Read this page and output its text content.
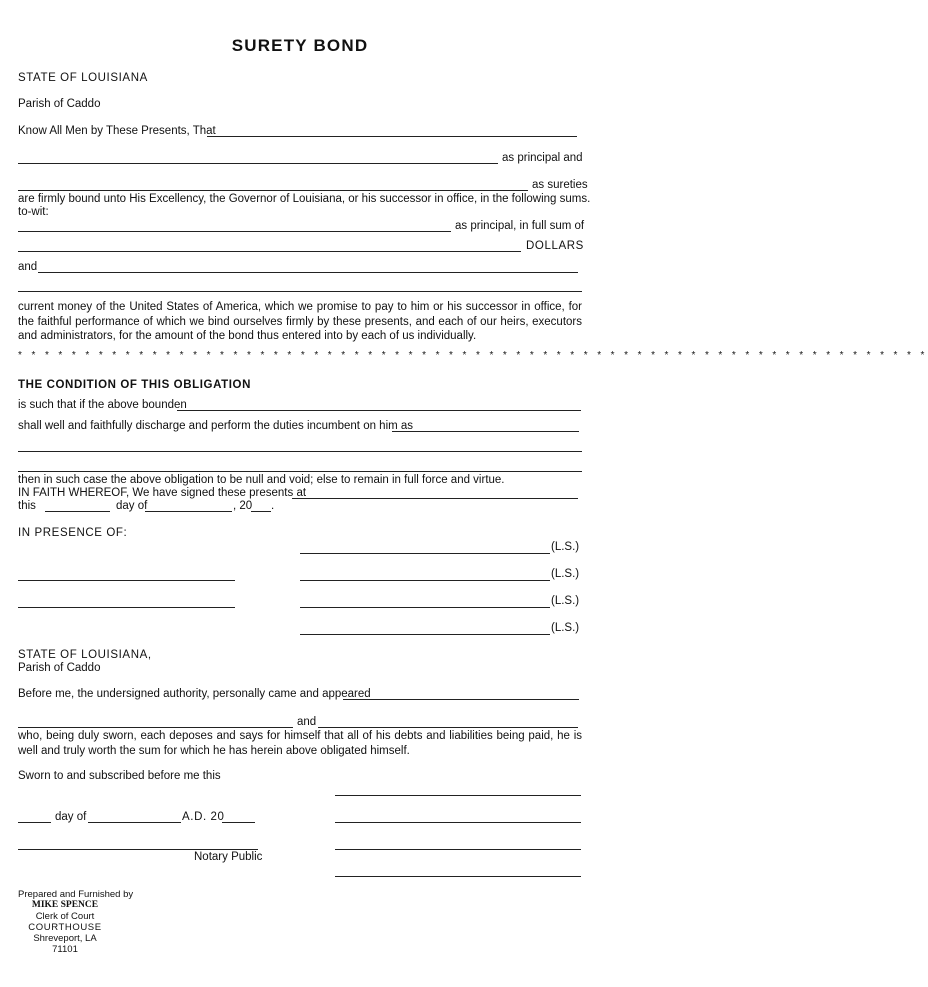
SURETY BOND
STATE OF LOUISIANA
Parish of Caddo
Know All Men by These Presents, That
as principal and
as sureties
are firmly bound unto His Excellency, the Governor of Louisiana, or his successor in office, in the following sums.
to-wit:
as principal, in full sum of
DOLLARS
and
current money of the United States of America, which we promise to pay to him or his successor in office, for the faithful performance of which we bind ourselves firmly by these presents, and each of our heirs, executors and administrators, for the amount of the bond thus entered into by each of us individually.
* * * * * * * * * * * * * * * * * * * * * * * * * * * * * * * * * * * * * * * * * * * * * * * * * * * * * * * * * * * * * * * * * * * *
THE CONDITION OF THIS OBLIGATION
is such that if the above bounden
shall well and faithfully discharge and perform the duties incumbent on him as
then in such case the above obligation to be null and void; else to remain in full force and virtue.
IN FAITH WHEREOF, We have signed these presents at
this	day of	, 20 .
IN PRESENCE OF:
(L.S.)
(L.S.)
(L.S.)
(L.S.)
STATE OF LOUISIANA,
Parish of Caddo
Before me, the undersigned authority, personally came and appeared
and
who, being duly sworn, each deposes and says for himself that all of his debts and liabilities being paid, he is well and truly worth the sum for which he has herein above obligated himself.
Sworn to and subscribed before me this
day of	A.D. 20
Notary Public
Prepared and Furnished by
MIKE SPENCE
Clerk of Court
COURTHOUSE
Shreveport, LA
71101
